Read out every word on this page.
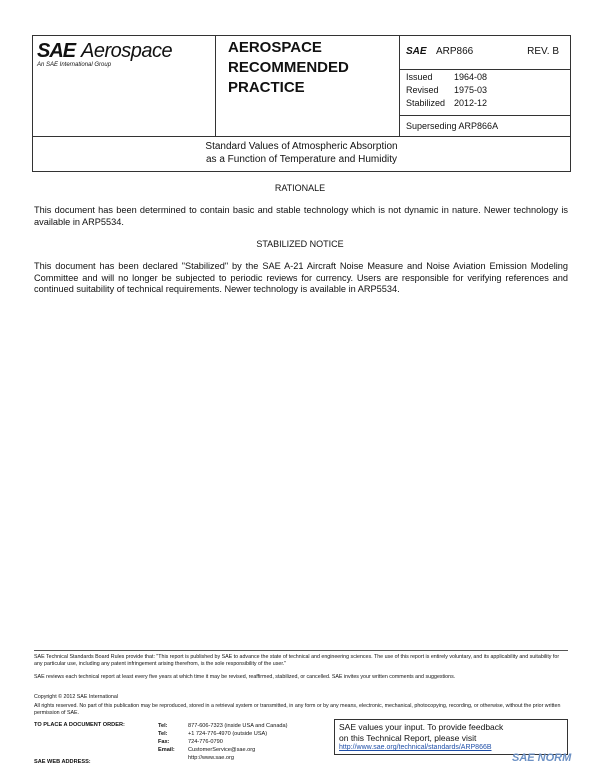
SAE Aerospace
An SAE International Group
AEROSPACE RECOMMENDED PRACTICE
SAE ARP866	REV. B
Issued 1964-08
Revised 1975-03
Stabilized 2012-12
Superseding ARP866A
Standard Values of Atmospheric Absorption
as a Function of Temperature and Humidity
RATIONALE
This document has been determined to contain basic and stable technology which is not dynamic in nature. Newer technology is available in ARP5534.
STABILIZED NOTICE
This document has been declared "Stabilized" by the SAE A-21 Aircraft Noise Measure and Noise Aviation Emission Modeling Committee and will no longer be subjected to periodic reviews for currency. Users are responsible for verifying references and continued suitability of technical requirements. Newer technology is available in ARP5534.
SAE Technical Standards Board Rules provide that: "This report is published by SAE to advance the state of technical and engineering sciences. The use of this report is entirely voluntary, and its applicability and suitability for any particular use, including any patent infringement arising therefrom, is the sole responsibility of the user."
SAE reviews each technical report at least every five years at which time it may be revised, reaffirmed, stabilized, or cancelled. SAE invites your written comments and suggestions.
Copyright © 2012 SAE International
All rights reserved. No part of this publication may be reproduced, stored in a retrieval system or transmitted, in any form or by any means, electronic, mechanical, photocopying, recording, or otherwise, without the prior written permission of SAE.
TO PLACE A DOCUMENT ORDER:	Tel:	877-606-7323 (inside USA and Canada)
Tel:	+1 724-776-4970 (outside USA)
Fax:	724-776-0790
Email: CustomerService@sae.org
http://www.sae.org
SAE WEB ADDRESS:
SAE values your input. To provide feedback
on this Technical Report, please visit
http://www.sae.org/technical/standards/ARP866B
SAE NORM
